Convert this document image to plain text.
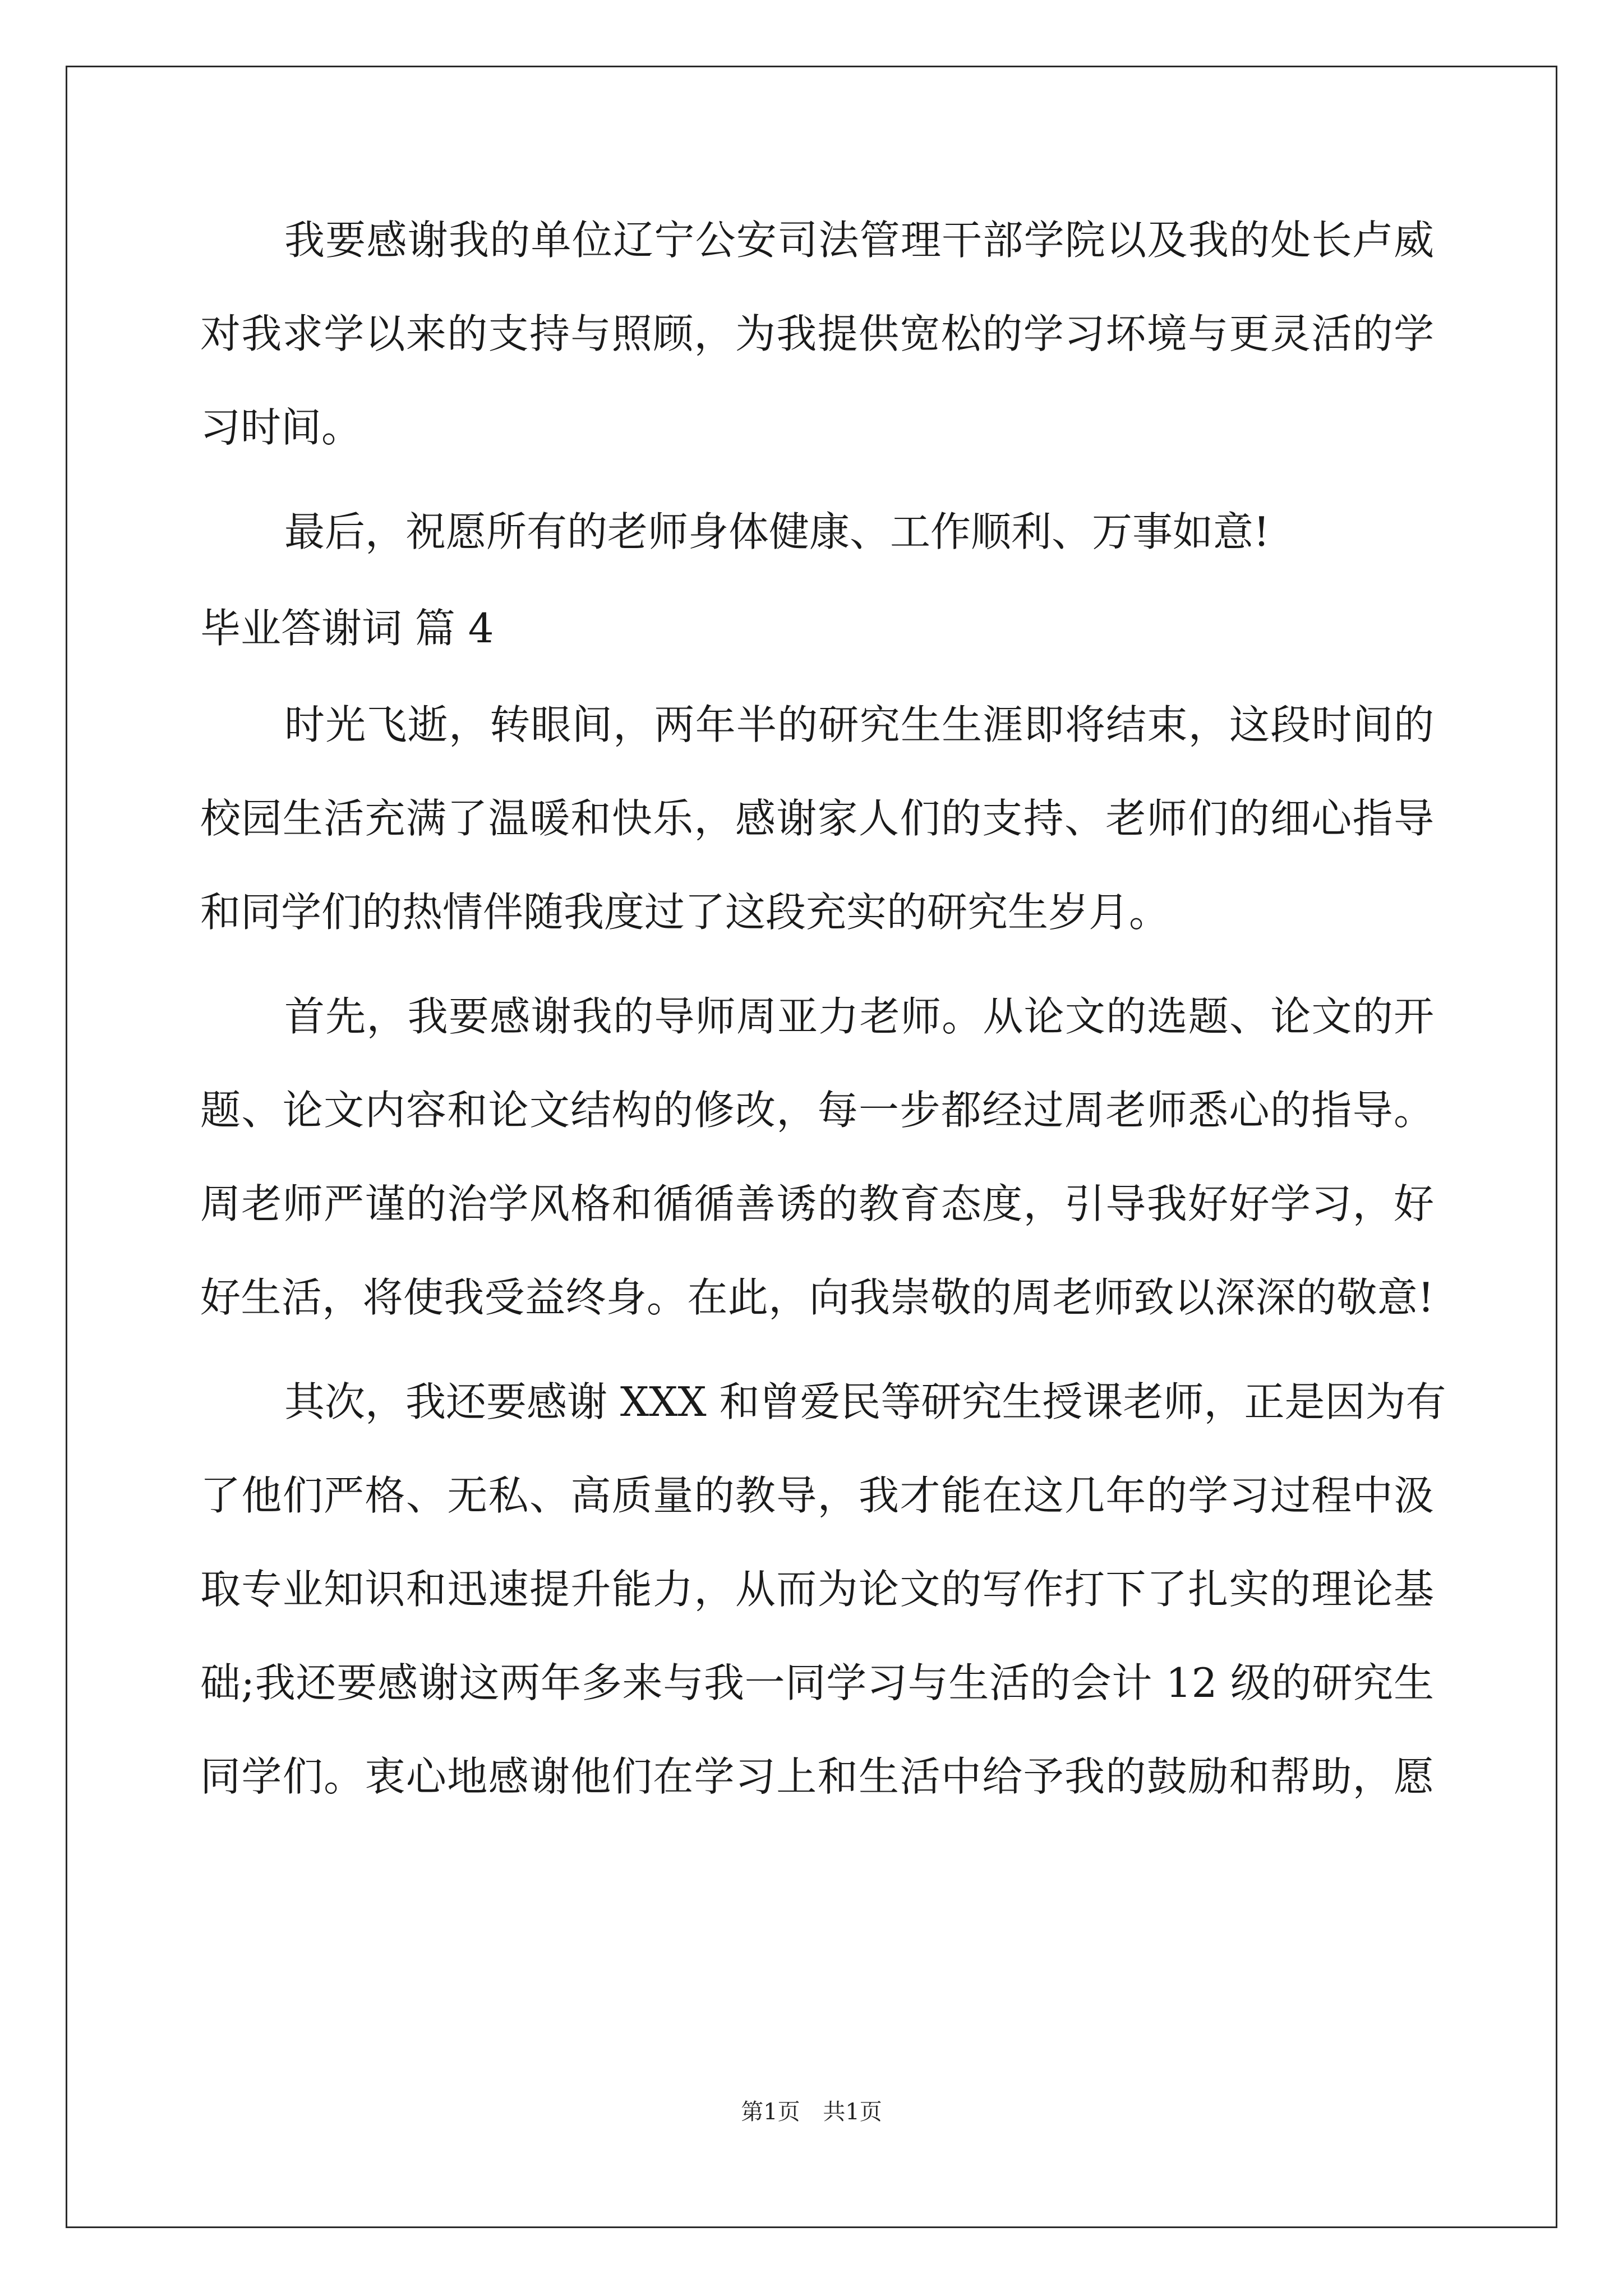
我要感谢我的单位辽宁公安司法管理干部学院以及我的处长卢威
对我求学以来的支持与照顾，为我提供宽松的学习坏境与更灵活的学
习时间。
最后，祝愿所有的老师身体健康、工作顺利、万事如意!
毕业答谢词 篇 4
时光飞逝，转眼间，两年半的研究生生涯即将结束，这段时间的
校园生活充满了温暖和快乐，感谢家人们的支持、老师们的细心指导
和同学们的热情伴随我度过了这段充实的研究生岁月。
首先，我要感谢我的导师周亚力老师。从论文的选题、论文的开
题、论文内容和论文结构的修改，每一步都经过周老师悉心的指导。
周老师严谨的治学风格和循循善诱的教育态度，引导我好好学习，好
好生活，将使我受益终身。在此，向我崇敬的周老师致以深深的敬意!
其次，我还要感谢 XXX 和曾爱民等研究生授课老师，正是因为有
了他们严格、无私、高质量的教导，我才能在这几年的学习过程中汲
取专业知识和迅速提升能力，从而为论文的写作打下了扎实的理论基
础;我还要感谢这两年多来与我一同学习与生活的会计 12 级的研究生
同学们。衷心地感谢他们在学习上和生活中给予我的鼓励和帮助，愿
第1页 共1页
